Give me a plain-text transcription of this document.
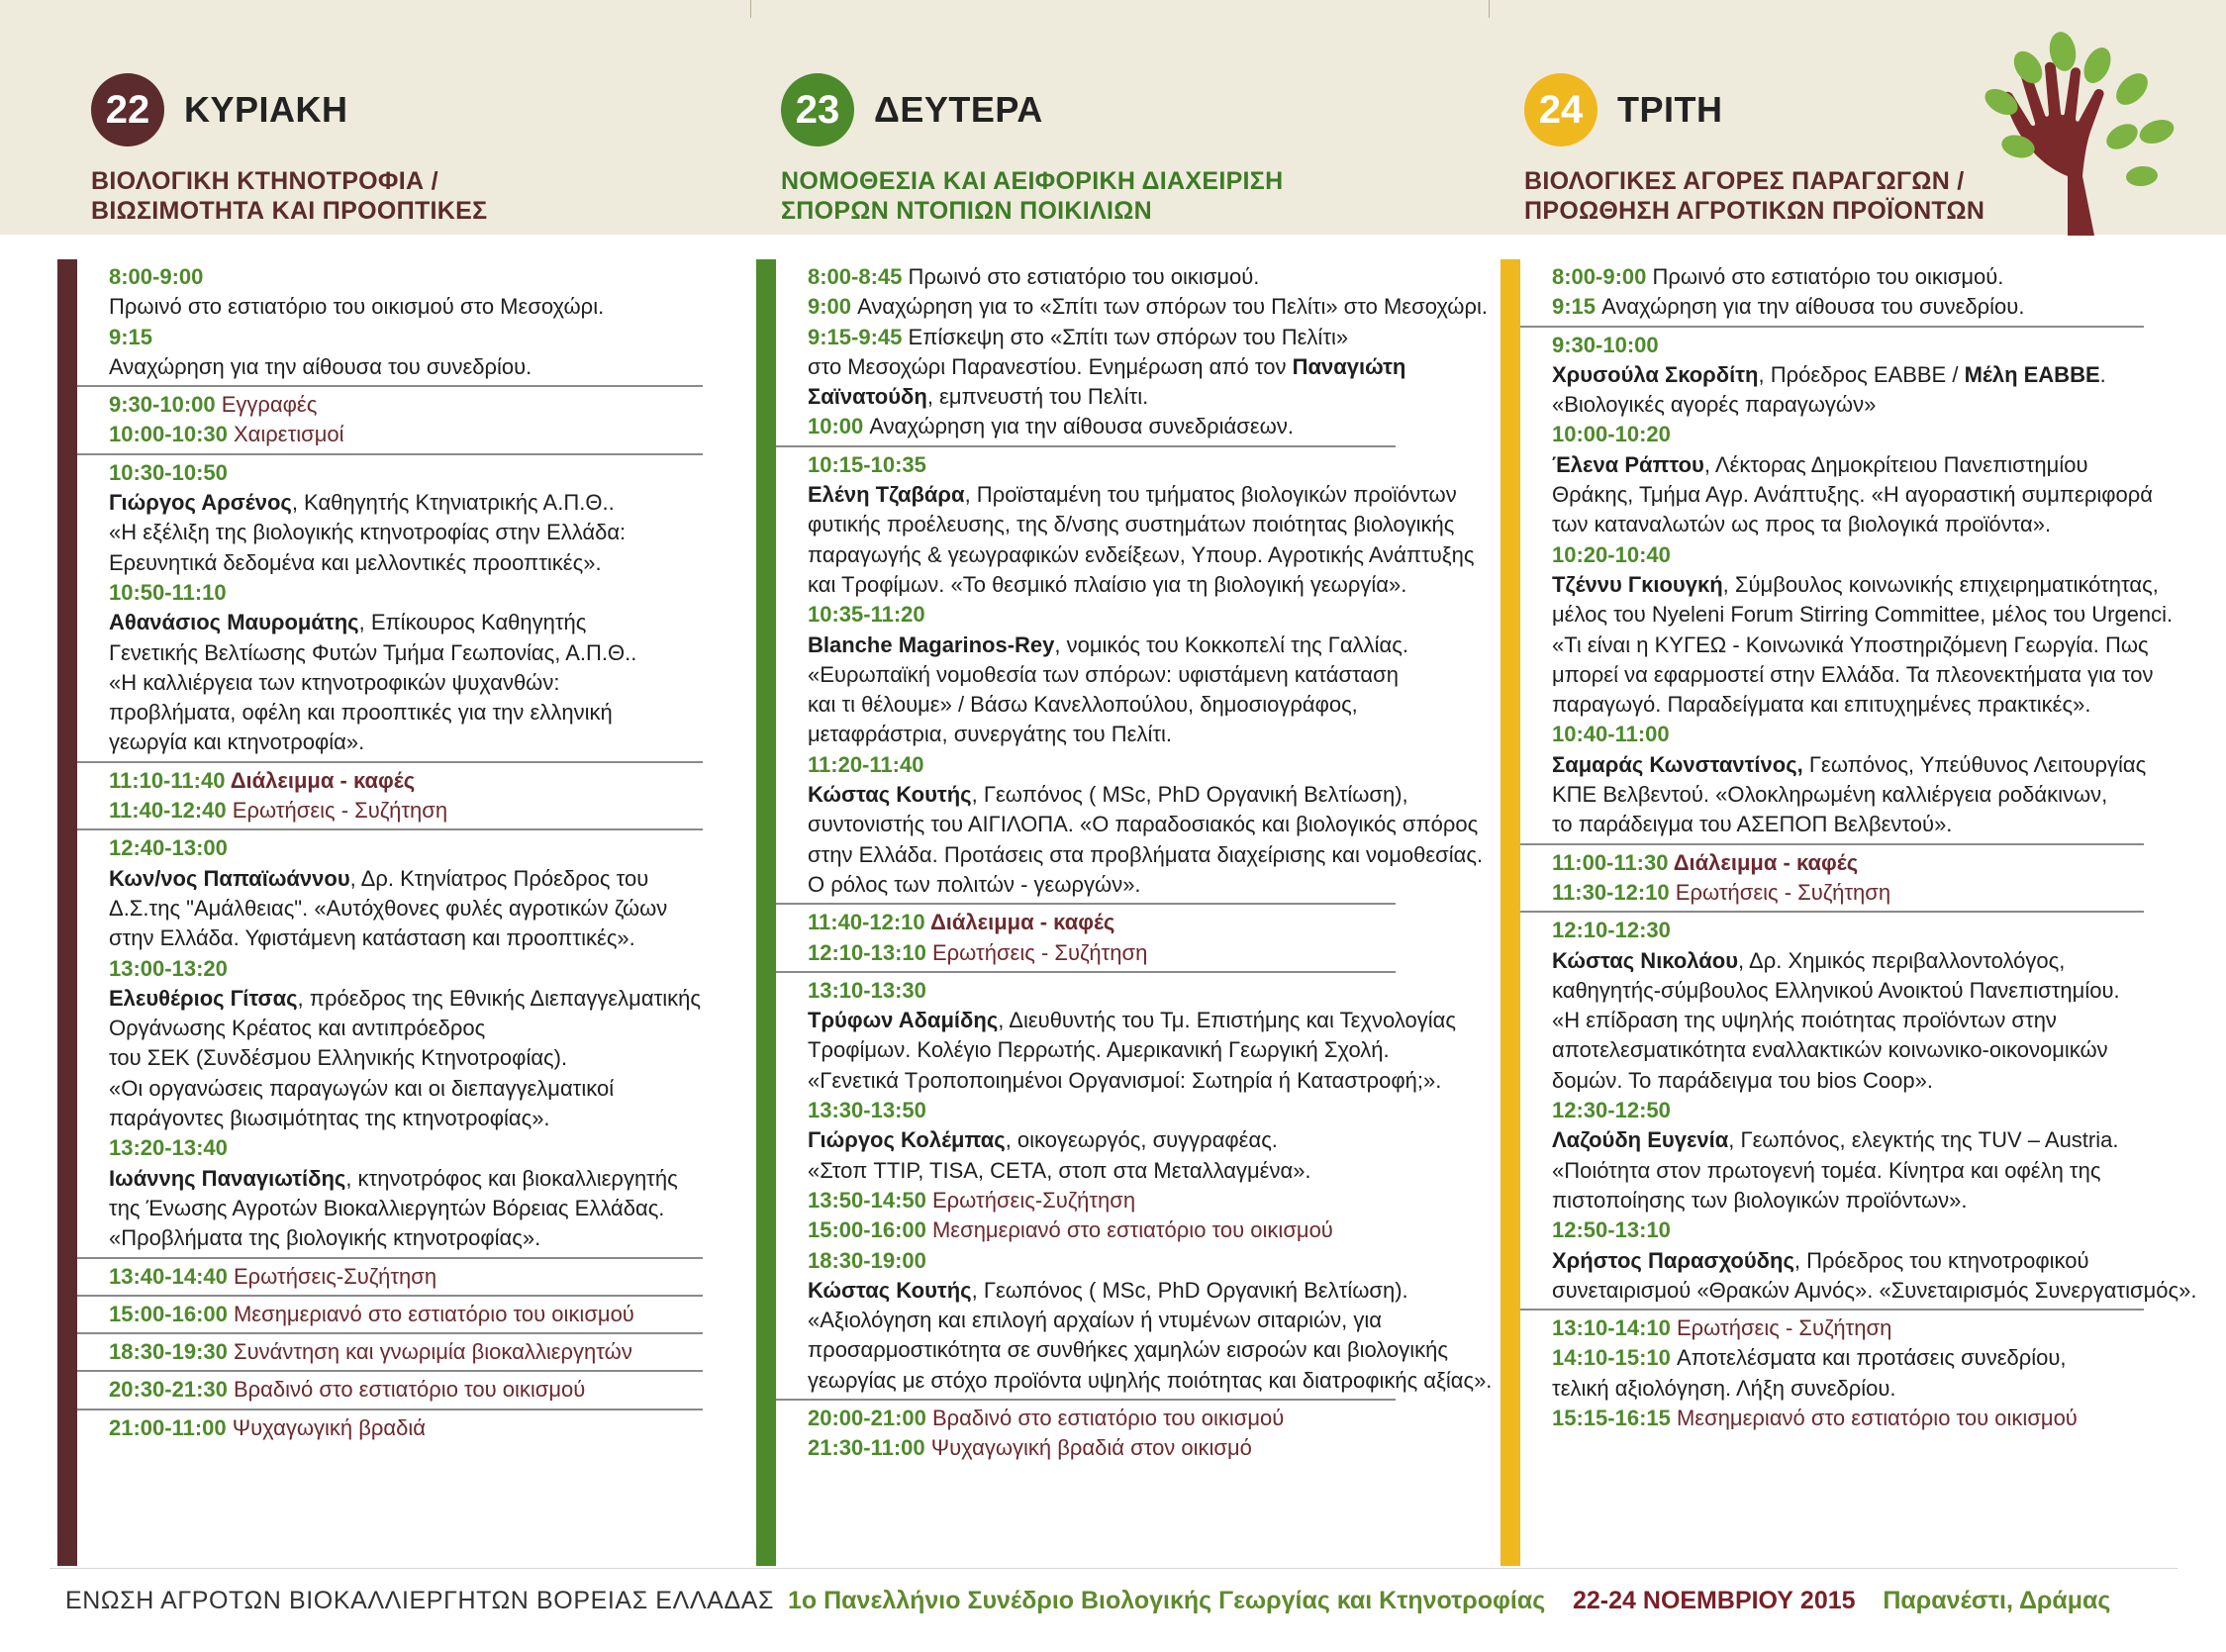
22 ΚΥΡΙΑΚΗ
ΒΙΟΛΟΓΙΚΗ ΚΤΗΝΟΤΡΟΦΙΑ /
ΒΙΩΣΙΜΟΤΗΤΑ ΚΑΙ ΠΡΟΟΠΤΙΚΕΣ
23 ΔΕΥΤΕΡΑ
ΝΟΜΟΘΕΣΙΑ ΚΑΙ ΑΕΙΦΟΡΙΚΗ ΔΙΑΧΕΙΡΙΣΗ
ΣΠΟΡΩΝ ΝΤΟΠΙΩΝ ΠΟΙΚΙΛΙΩΝ
24 ΤΡΙΤΗ
ΒΙΟΛΟΓΙΚΕΣ ΑΓΟΡΕΣ ΠΑΡΑΓΩΓΩΝ /
ΠΡΟΩΘΗΣΗ ΑΓΡΟΤΙΚΩΝ ΠΡΟΪΟΝΤΩΝ
8:00-9:00
Πρωινό στο εστιατόριο του οικισμού στο Μεσοχώρι.
9:15
Αναχώρηση για την αίθουσα του συνεδρίου.
9:30-10:00 Εγγραφές
10:00-10:30 Χαιρετισμοί
10:30-10:50
Γιώργος Αρσένος, Καθηγητής Κτηνιατρικής Α.Π.Θ..
«Η εξέλιξη της βιολογικής κτηνοτροφίας στην Ελλάδα:
Ερευνητικά δεδομένα και μελλοντικές προοπτικές».
10:50-11:10
Αθανάσιος Μαυρομάτης, Επίκουρος Καθηγητής
Γενετικής Βελτίωσης Φυτών Τμήμα Γεωπονίας, Α.Π.Θ..
«Η καλλιέργεια των κτηνοτροφικών ψυχανθών:
προβλήματα, οφέλη και προοπτικές για την ελληνική
γεωργία και κτηνοτροφία».
11:10-11:40 Διάλειμμα - καφές
11:40-12:40 Ερωτήσεις - Συζήτηση
12:40-13:00
Κων/νος Παπαϊωάννου, Δρ. Κτηνίατρος Πρόεδρος του
Δ.Σ.της "Αμάλθειας". «Αυτόχθονες φυλές αγροτικών ζώων
στην Ελλάδα. Υφιστάμενη κατάσταση και προοπτικές».
13:00-13:20
Ελευθέριος Γίτσας, πρόεδρος της Εθνικής Διεπαγγελματικής
Οργάνωσης Κρέατος και αντιπρόεδρος
του ΣΕΚ (Συνδέσμου Ελληνικής Κτηνοτροφίας).
«Οι οργανώσεις παραγωγών και οι διεπαγγελματικοί
παράγοντες βιωσιμότητας της κτηνοτροφίας».
13:20-13:40
Ιωάννης Παναγιωτίδης, κτηνοτρόφος και βιοκαλλιεργητής
της Ένωσης Αγροτών Βιοκαλλιεργητών Βόρειας Ελλάδας.
«Προβλήματα της βιολογικής κτηνοτροφίας».
13:40-14:40 Ερωτήσεις-Συζήτηση
15:00-16:00 Μεσημεριανό στο εστιατόριο του οικισμού
18:30-19:30 Συνάντηση και γνωριμία βιοκαλλιεργητών
20:30-21:30 Βραδινό στο εστιατόριο του οικισμού
21:00-11:00 Ψυχαγωγική βραδιά
8:00-8:45 Πρωινό στο εστιατόριο του οικισμού.
9:00 Αναχώρηση για το «Σπίτι των σπόρων του Πελίτι» στο Μεσοχώρι.
9:15-9:45 Επίσκεψη στο «Σπίτι των σπόρων του Πελίτι»
στο Μεσοχώρι Παρανεστίου. Ενημέρωση από τον Παναγιώτη
Σαϊνατούδη, εμπνευστή του Πελίτι.
10:00 Αναχώρηση για την αίθουσα συνεδριάσεων.
10:15-10:35
Ελένη Τζαβάρα, Προϊσταμένη του τμήματος βιολογικών προϊόντων
φυτικής προέλευσης, της δ/νσης συστημάτων ποιότητας βιολογικής
παραγωγής & γεωγραφικών ενδείξεων, Υπουρ. Αγροτικής Ανάπτυξης
και Τροφίμων. «Το θεσμικό πλαίσιο για τη βιολογική γεωργία».
10:35-11:20
Blanche Magarinos-Rey, νομικός του Κοκκοπελί της Γαλλίας.
«Ευρωπαϊκή νομοθεσία των σπόρων: υφιστάμενη κατάσταση
και τι θέλουμε» / Βάσω Κανελλοπούλου, δημοσιογράφος,
μεταφράστρια, συνεργάτης του Πελίτι.
11:20-11:40
Κώστας Κουτής, Γεωπόνος ( MSc, PhD Οργανική Βελτίωση),
συντονιστής του ΑΙΓΙΛΟΠΑ. «Ο παραδοσιακός και βιολογικός σπόρος
στην Ελλάδα. Προτάσεις στα προβλήματα διαχείρισης και νομοθεσίας.
Ο ρόλος των πολιτών - γεωργών».
11:40-12:10 Διάλειμμα - καφές
12:10-13:10 Ερωτήσεις - Συζήτηση
13:10-13:30
Τρύφων Αδαμίδης, Διευθυντής του Τμ. Επιστήμης και Τεχνολογίας
Τροφίμων. Κολέγιο Περρωτής. Αμερικανική Γεωργική Σχολή.
«Γενετικά Τροποποιημένοι Οργανισμοί: Σωτηρία ή Καταστροφή;».
13:30-13:50
Γιώργος Κολέμπας, οικογεωργός, συγγραφέας.
«Στοπ TTIP, TISA, CETA, στοπ στα Μεταλλαγμένα».
13:50-14:50 Ερωτήσεις-Συζήτηση
15:00-16:00 Μεσημεριανό στο εστιατόριο του οικισμού
18:30-19:00
Κώστας Κουτής, Γεωπόνος ( MSc, PhD Οργανική Βελτίωση).
«Αξιολόγηση και επιλογή αρχαίων ή ντυμένων σιταριών, για
προσαρμοστικότητα σε συνθήκες χαμηλών εισροών και βιολογικής
γεωργίας με στόχο προϊόντα υψηλής ποιότητας και διατροφικής αξίας».
20:00-21:00 Βραδινό στο εστιατόριο του οικισμού
21:30-11:00 Ψυχαγωγική βραδιά στον οικισμό
8:00-9:00 Πρωινό στο εστιατόριο του οικισμού.
9:15 Αναχώρηση για την αίθουσα του συνεδρίου.
9:30-10:00
Χρυσούλα Σκορδίτη, Πρόεδρος ΕΑΒΒΕ / Μέλη ΕΑΒΒΕ.
«Βιολογικές αγορές παραγωγών»
10:00-10:20
Έλενα Ράπτου, Λέκτορας Δημοκρίτειου Πανεπιστημίου
Θράκης, Τμήμα Αγρ. Ανάπτυξης. «Η αγοραστική συμπεριφορά
των καταναλωτών ως προς τα βιολογικά προϊόντα».
10:20-10:40
Τζέννυ Γκιουγκή, Σύμβουλος κοινωνικής επιχειρηματικότητας,
μέλος του Nyeleni Forum Stirring Committee, μέλος του Urgenci.
«Τι είναι η ΚΥΓΕΩ - Κοινωνικά Υποστηριζόμενη Γεωργία. Πως
μπορεί να εφαρμοστεί στην Ελλάδα. Τα πλεονεκτήματα για τον
παραγωγό. Παραδείγματα και επιτυχημένες πρακτικές».
10:40-11:00
Σαμαράς Κωνσταντίνος, Γεωπόνος, Υπεύθυνος Λειτουργίας
ΚΠΕ Βελβεντού. «Ολοκληρωμένη καλλιέργεια ροδάκινων,
το παράδειγμα του ΑΣΕΠΟΠ Βελβεντού».
11:00-11:30 Διάλειμμα - καφές
11:30-12:10 Ερωτήσεις - Συζήτηση
12:10-12:30
Κώστας Νικολάου, Δρ. Χημικός περιβαλλοντολόγος,
καθηγητής-σύμβουλος Ελληνικού Ανοικτού Πανεπιστημίου.
«Η επίδραση της υψηλής ποιότητας προϊόντων στην
αποτελεσματικότητα εναλλακτικών κοινωνικο-οικονομικών
δομών. Το παράδειγμα του bios Coop».
12:30-12:50
Λαζούδη Ευγενία, Γεωπόνος, ελεγκτής της TUV – Austria.
«Ποιότητα στον πρωτογενή τομέα. Κίνητρα και οφέλη της
πιστοποίησης των βιολογικών προϊόντων».
12:50-13:10
Χρήστος Παρασχούδης, Πρόεδρος του κτηνοτροφικού
συνεταιρισμού «Θρακών Αμνός». «Συνεταιρισμός Συνεργατισμός».
13:10-14:10 Ερωτήσεις - Συζήτηση
14:10-15:10 Αποτελέσματα και προτάσεις συνεδρίου,
τελική αξιολόγηση. Λήξη συνεδρίου.
15:15-16:15 Μεσημεριανό στο εστιατόριο του οικισμού
ΕΝΩΣΗ ΑΓΡΟΤΩΝ ΒΙΟΚΑΛΛΙΕΡΓΗΤΩΝ ΒΟΡΕΙΑΣ ΕΛΛΑΔΑΣ 1ο Πανελλήνιο Συνέδριο Βιολογικής Γεωργίας και Κτηνοτροφίας 22-24 ΝΟΕΜΒΡΙΟΥ 2015 Παρανέστι, Δράμας
